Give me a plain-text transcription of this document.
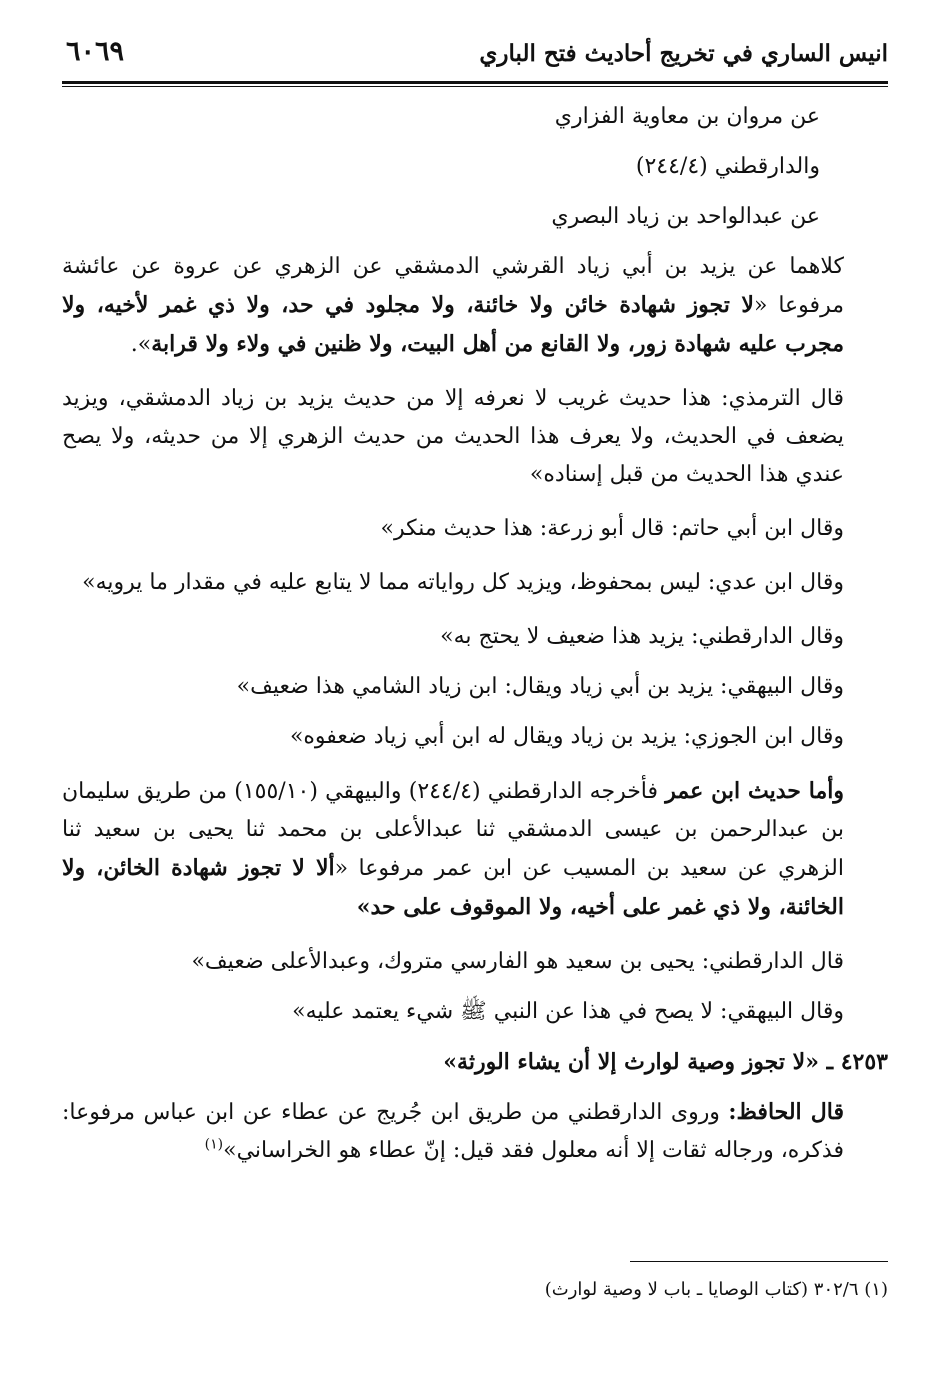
انيس الساري في تخريج أحاديث فتح الباري
٦٠٦٩

عن مروان بن معاوية الفزاري

والدارقطني (٢٤٤/٤)

عن عبدالواحد بن زياد البصري

كلاهما عن يزيد بن أبي زياد القرشي الدمشقي عن الزهري عن عروة عن عائشة مرفوعا «لا تجوز شهادة خائن ولا خائنة، ولا مجلود في حد، ولا ذي غمر لأخيه، ولا مجرب عليه شهادة زور، ولا القانع من أهل البيت، ولا ظنين في ولاء ولا قرابة».

قال الترمذي: هذا حديث غريب لا نعرفه إلا من حديث يزيد بن زياد الدمشقي، ويزيد يضعف في الحديث، ولا يعرف هذا الحديث من حديث الزهري إلا من حديثه، ولا يصح عندي هذا الحديث من قبل إسناده»

وقال ابن أبي حاتم: قال أبو زرعة: هذا حديث منكر»

وقال ابن عدي: ليس بمحفوظ، ويزيد كل رواياته مما لا يتابع عليه في مقدار ما يرويه»

وقال الدارقطني: يزيد هذا ضعيف لا يحتج به»

وقال البيهقي: يزيد بن أبي زياد ويقال: ابن زياد الشامي هذا ضعيف»

وقال ابن الجوزي: يزيد بن زياد ويقال له ابن أبي زياد ضعفوه»

وأما حديث ابن عمر فأخرجه الدارقطني (٢٤٤/٤) والبيهقي (١٥٥/١٠) من طريق سليمان بن عبدالرحمن بن عيسى الدمشقي ثنا عبدالأعلى بن محمد ثنا يحيى بن سعيد ثنا الزهري عن سعيد بن المسيب عن ابن عمر مرفوعا «ألا لا تجوز شهادة الخائن، ولا الخائنة، ولا ذي غمر على أخيه، ولا الموقوف على حد»

قال الدارقطني: يحيى بن سعيد هو الفارسي متروك، وعبدالأعلى ضعيف»

وقال البيهقي: لا يصح في هذا عن النبي ﷺ شيء يعتمد عليه»

٤٢٥٣ ـ «لا تجوز وصية لوارث إلا أن يشاء الورثة»

قال الحافظ: وروى الدارقطني من طريق ابن جُريج عن عطاء عن ابن عباس مرفوعا: فذكره، ورجاله ثقات إلا أنه معلول فقد قيل: إنّ عطاء هو الخراساني»$^{(١)}$

(١) ٣٠٢/٦ (كتاب الوصايا ـ باب لا وصية لوارث)
